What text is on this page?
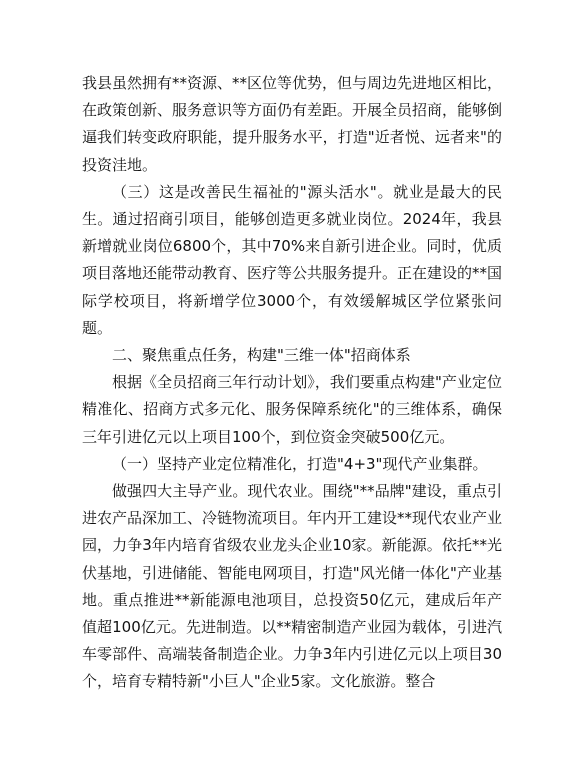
我县虽然拥有**资源、**区位等优势，但与周边先进地区相比，在政策创新、服务意识等方面仍有差距。开展全员招商，能够倒逼我们转变政府职能，提升服务水平，打造"近者悦、远者来"的投资洼地。

（三）这是改善民生福祉的"源头活水"。就业是最大的民生。通过招商引项目，能够创造更多就业岗位。2024年，我县新增就业岗位6800个，其中70%来自新引进企业。同时，优质项目落地还能带动教育、医疗等公共服务提升。正在建设的**国际学校项目，将新增学位3000个，有效缓解城区学位紧张问题。

二、聚焦重点任务，构建"三维一体"招商体系

根据《全员招商三年行动计划》，我们要重点构建"产业定位精准化、招商方式多元化、服务保障系统化"的三维体系，确保三年引进亿元以上项目100个，到位资金突破500亿元。

（一）坚持产业定位精准化，打造"4+3"现代产业集群。

做强四大主导产业。现代农业。围绕"**品牌"建设，重点引进农产品深加工、冷链物流项目。年内开工建设**现代农业产业园，力争3年内培育省级农业龙头企业10家。新能源。依托**光伏基地，引进储能、智能电网项目，打造"风光储一体化"产业基地。重点推进**新能源电池项目，总投资50亿元，建成后年产值超100亿元。先进制造。以**精密制造产业园为载体，引进汽车零部件、高端装备制造企业。力争3年内引进亿元以上项目30个，培育专精特新"小巨人"企业5家。文化旅游。整合
